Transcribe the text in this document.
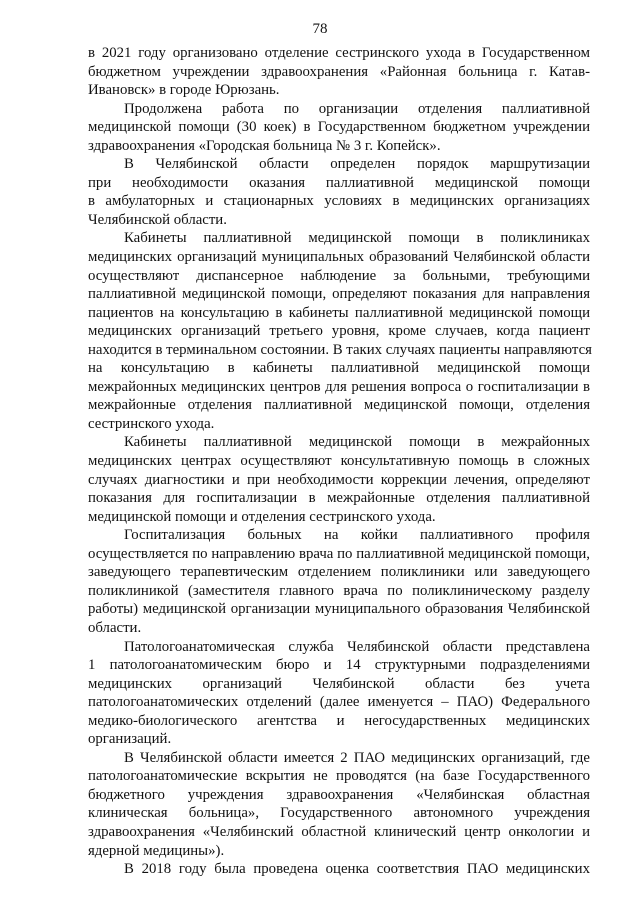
78
в 2021 году организовано отделение сестринского ухода в Государственном
бюджетном учреждении здравоохранения «Районная больница г. Катав-
Ивановск» в городе Юрюзань.
Продолжена работа по организации отделения паллиативной
медицинской помощи (30 коек) в Государственном бюджетном учреждении
здравоохранения «Городская больница № 3 г. Копейск».
В Челябинской области определен порядок маршрутизации
при необходимости оказания паллиативной медицинской помощи
в амбулаторных и стационарных условиях в медицинских организациях
Челябинской области.
Кабинеты паллиативной медицинской помощи в поликлиниках
медицинских организаций муниципальных образований Челябинской области
осуществляют диспансерное наблюдение за больными, требующими
паллиативной медицинской помощи, определяют показания для направления
пациентов на консультацию в кабинеты паллиативной медицинской помощи
медицинских организаций третьего уровня, кроме случаев, когда пациент
находится в терминальном состоянии. В таких случаях пациенты направляются
на консультацию в кабинеты паллиативной медицинской помощи
межрайонных медицинских центров для решения вопроса о госпитализации в
межрайонные отделения паллиативной медицинской помощи, отделения
сестринского ухода.
Кабинеты паллиативной медицинской помощи в межрайонных
медицинских центрах осуществляют консультативную помощь в сложных
случаях диагностики и при необходимости коррекции лечения, определяют
показания для госпитализации в межрайонные отделения паллиативной
медицинской помощи и отделения сестринского ухода.
Госпитализация больных на койки паллиативного профиля
осуществляется по направлению врача по паллиативной медицинской помощи,
заведующего терапевтическим отделением поликлиники или заведующего
поликлиникой (заместителя главного врача по поликлиническому разделу
работы) медицинской организации муниципального образования Челябинской
области.
Патологоанатомическая служба Челябинской области представлена
1 патологоанатомическим бюро и 14 структурными подразделениями
медицинских организаций Челябинской области без учета
патологоанатомических отделений (далее именуется – ПАО) Федерального
медико-биологического агентства и негосударственных медицинских
организаций.
В Челябинской области имеется 2 ПАО медицинских организаций, где
патологоанатомические вскрытия не проводятся (на базе Государственного
бюджетного учреждения здравоохранения «Челябинская областная
клиническая больница», Государственного автономного учреждения
здравоохранения «Челябинский областной клинический центр онкологии и
ядерной медицины»).
В 2018 году была проведена оценка соответствия ПАО медицинских
